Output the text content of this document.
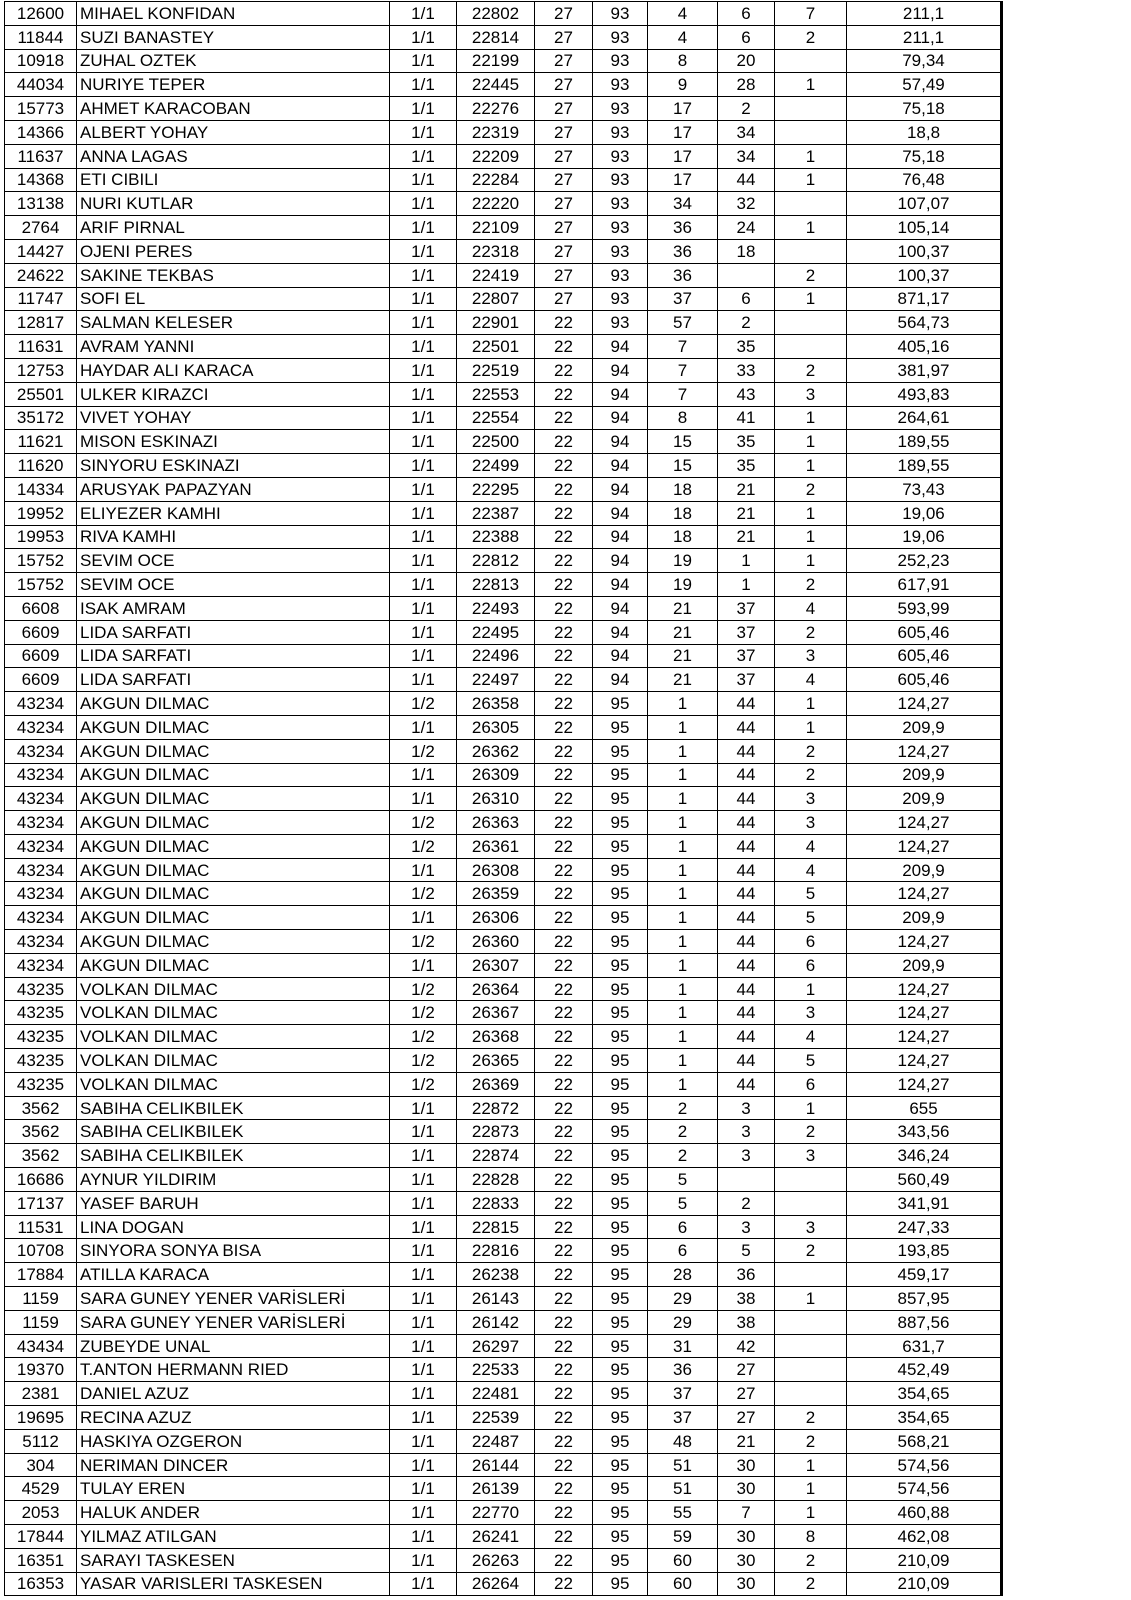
12600	MIHAEL KONFIDAN	1/1	22802	27	93	4	6	7	211,1
11844	SUZI BANASTEY	1/1	22814	27	93	4	6	2	211,1
10918	ZUHAL OZTEK	1/1	22199	27	93	8	20		79,34
44034	NURIYE TEPER	1/1	22445	27	93	9	28	1	57,49
15773	AHMET KARACOBAN	1/1	22276	27	93	17	2		75,18
14366	ALBERT YOHAY	1/1	22319	27	93	17	34		18,8
11637	ANNA LAGAS	1/1	22209	27	93	17	34	1	75,18
14368	ETI CIBILI	1/1	22284	27	93	17	44	1	76,48
13138	NURI KUTLAR	1/1	22220	27	93	34	32		107,07
2764	ARIF PIRNAL	1/1	22109	27	93	36	24	1	105,14
14427	OJENI PERES	1/1	22318	27	93	36	18		100,37
24622	SAKINE TEKBAS	1/1	22419	27	93	36		2	100,37
11747	SOFI EL	1/1	22807	27	93	37	6	1	871,17
12817	SALMAN KELESER	1/1	22901	22	93	57	2		564,73
11631	AVRAM YANNI	1/1	22501	22	94	7	35		405,16
12753	HAYDAR ALI KARACA	1/1	22519	22	94	7	33	2	381,97
25501	ULKER KIRAZCI	1/1	22553	22	94	7	43	3	493,83
35172	VIVET YOHAY	1/1	22554	22	94	8	41	1	264,61
11621	MISON ESKINAZI	1/1	22500	22	94	15	35	1	189,55
11620	SINYORU ESKINAZI	1/1	22499	22	94	15	35	1	189,55
14334	ARUSYAK PAPAZYAN	1/1	22295	22	94	18	21	2	73,43
19952	ELIYEZER KAMHI	1/1	22387	22	94	18	21	1	19,06
19953	RIVA KAMHI	1/1	22388	22	94	18	21	1	19,06
15752	SEVIM OCE	1/1	22812	22	94	19	1	1	252,23
15752	SEVIM OCE	1/1	22813	22	94	19	1	2	617,91
6608	ISAK AMRAM	1/1	22493	22	94	21	37	4	593,99
6609	LIDA SARFATI	1/1	22495	22	94	21	37	2	605,46
6609	LIDA SARFATI	1/1	22496	22	94	21	37	3	605,46
6609	LIDA SARFATI	1/1	22497	22	94	21	37	4	605,46
43234	AKGUN DILMAC	1/2	26358	22	95	1	44	1	124,27
43234	AKGUN DILMAC	1/1	26305	22	95	1	44	1	209,9
43234	AKGUN DILMAC	1/2	26362	22	95	1	44	2	124,27
43234	AKGUN DILMAC	1/1	26309	22	95	1	44	2	209,9
43234	AKGUN DILMAC	1/1	26310	22	95	1	44	3	209,9
43234	AKGUN DILMAC	1/2	26363	22	95	1	44	3	124,27
43234	AKGUN DILMAC	1/2	26361	22	95	1	44	4	124,27
43234	AKGUN DILMAC	1/1	26308	22	95	1	44	4	209,9
43234	AKGUN DILMAC	1/2	26359	22	95	1	44	5	124,27
43234	AKGUN DILMAC	1/1	26306	22	95	1	44	5	209,9
43234	AKGUN DILMAC	1/2	26360	22	95	1	44	6	124,27
43234	AKGUN DILMAC	1/1	26307	22	95	1	44	6	209,9
43235	VOLKAN DILMAC	1/2	26364	22	95	1	44	1	124,27
43235	VOLKAN DILMAC	1/2	26367	22	95	1	44	3	124,27
43235	VOLKAN DILMAC	1/2	26368	22	95	1	44	4	124,27
43235	VOLKAN DILMAC	1/2	26365	22	95	1	44	5	124,27
43235	VOLKAN DILMAC	1/2	26369	22	95	1	44	6	124,27
3562	SABIHA CELIKBILEK	1/1	22872	22	95	2	3	1	655
3562	SABIHA CELIKBILEK	1/1	22873	22	95	2	3	2	343,56
3562	SABIHA CELIKBILEK	1/1	22874	22	95	2	3	3	346,24
16686	AYNUR YILDIRIM	1/1	22828	22	95	5			560,49
17137	YASEF BARUH	1/1	22833	22	95	5	2		341,91
11531	LINA DOGAN	1/1	22815	22	95	6	3	3	247,33
10708	SINYORA SONYA BISA	1/1	22816	22	95	6	5	2	193,85
17884	ATILLA KARACA	1/1	26238	22	95	28	36		459,17
1159	SARA GUNEY YENER VARİSLERİ	1/1	26143	22	95	29	38	1	857,95
1159	SARA GUNEY YENER VARİSLERİ	1/1	26142	22	95	29	38		887,56
43434	ZUBEYDE UNAL	1/1	26297	22	95	31	42		631,7
19370	T.ANTON HERMANN RIED	1/1	22533	22	95	36	27		452,49
2381	DANIEL AZUZ	1/1	22481	22	95	37	27		354,65
19695	RECINA AZUZ	1/1	22539	22	95	37	27	2	354,65
5112	HASKIYA OZGERON	1/1	22487	22	95	48	21	2	568,21
304	NERIMAN DINCER	1/1	26144	22	95	51	30	1	574,56
4529	TULAY EREN	1/1	26139	22	95	51	30	1	574,56
2053	HALUK ANDER	1/1	22770	22	95	55	7	1	460,88
17844	YILMAZ ATILGAN	1/1	26241	22	95	59	30	8	462,08
16351	SARAYI TASKESEN	1/1	26263	22	95	60	30	2	210,09
16353	YASAR VARISLERI TASKESEN	1/1	26264	22	95	60	30	2	210,09
